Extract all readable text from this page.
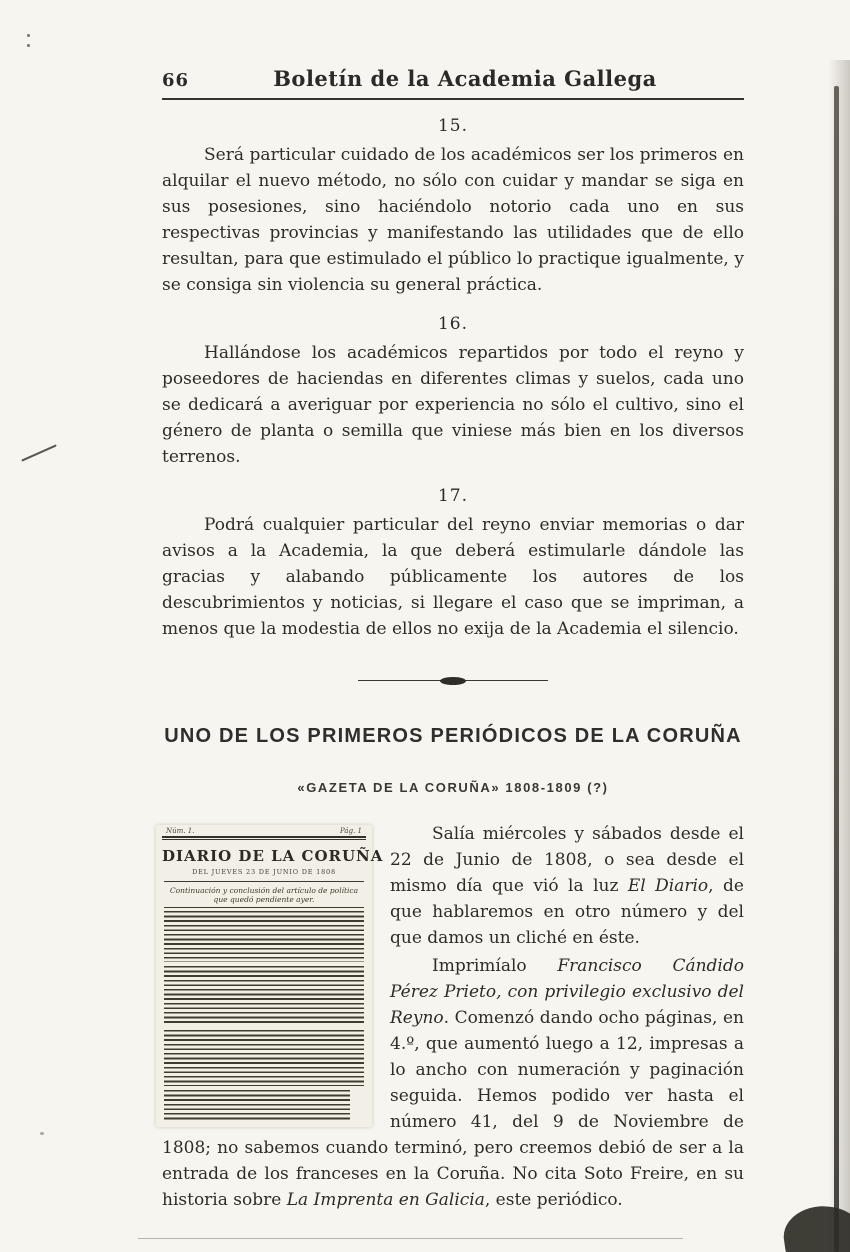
66	Boletín de la Academia Gallega
15.

Será particular cuidado de los académicos ser los primeros en alquilar el nuevo método, no sólo con cuidar y mandar se siga en sus posesiones, sino haciéndolo notorio cada uno en sus respectivas provincias y manifestando las utilidades que de ello resultan, para que estimulado el público lo practique igualmente, y se consiga sin violencia su general práctica.

16.

Hallándose los académicos repartidos por todo el reyno y poseedores de haciendas en diferentes climas y suelos, cada uno se dedicará a averiguar por experiencia no sólo el cultivo, sino el género de planta o semilla que viniese más bien en los diversos terrenos.

17.

Podrá cualquier particular del reyno enviar memorias o dar avisos a la Academia, la que deberá estimularle dándole las gracias y alabando públicamente los autores de los descubrimientos y noticias, si llegare el caso que se impriman, a menos que la modestia de ellos no exija de la Academia el silencio.

UNO DE LOS PRIMEROS PERIÓDICOS DE LA CORUÑA
«GAZETA DE LA CORUÑA» 1808-1809 (?)
Núm. 1.	Pág. 1
DIARIO DE LA CORUÑA
DEL JUEVES 23 DE JUNIO DE 1808
Continuación y conclusión del artículo de política que quedó pendiente ayer.

Salía miércoles y sábados desde el 22 de Junio de 1808, o sea desde el mismo día que vió la luz El Diario, de que hablaremos en otro número y del que damos un cliché en éste.

Imprimíalo Francisco Cándido Pérez Prieto, con privilegio exclusivo del Reyno. Comenzó dando ocho páginas, en 4.º, que aumentó luego a 12, impresas a lo ancho con numeración y paginación seguida. Hemos podido ver hasta el número 41, del 9 de Noviembre de 1808; no sabemos cuando terminó, pero creemos debió de ser a la entrada de los franceses en la Coruña. No cita Soto Freire, en su historia sobre La Imprenta en Galicia, este periódico.
